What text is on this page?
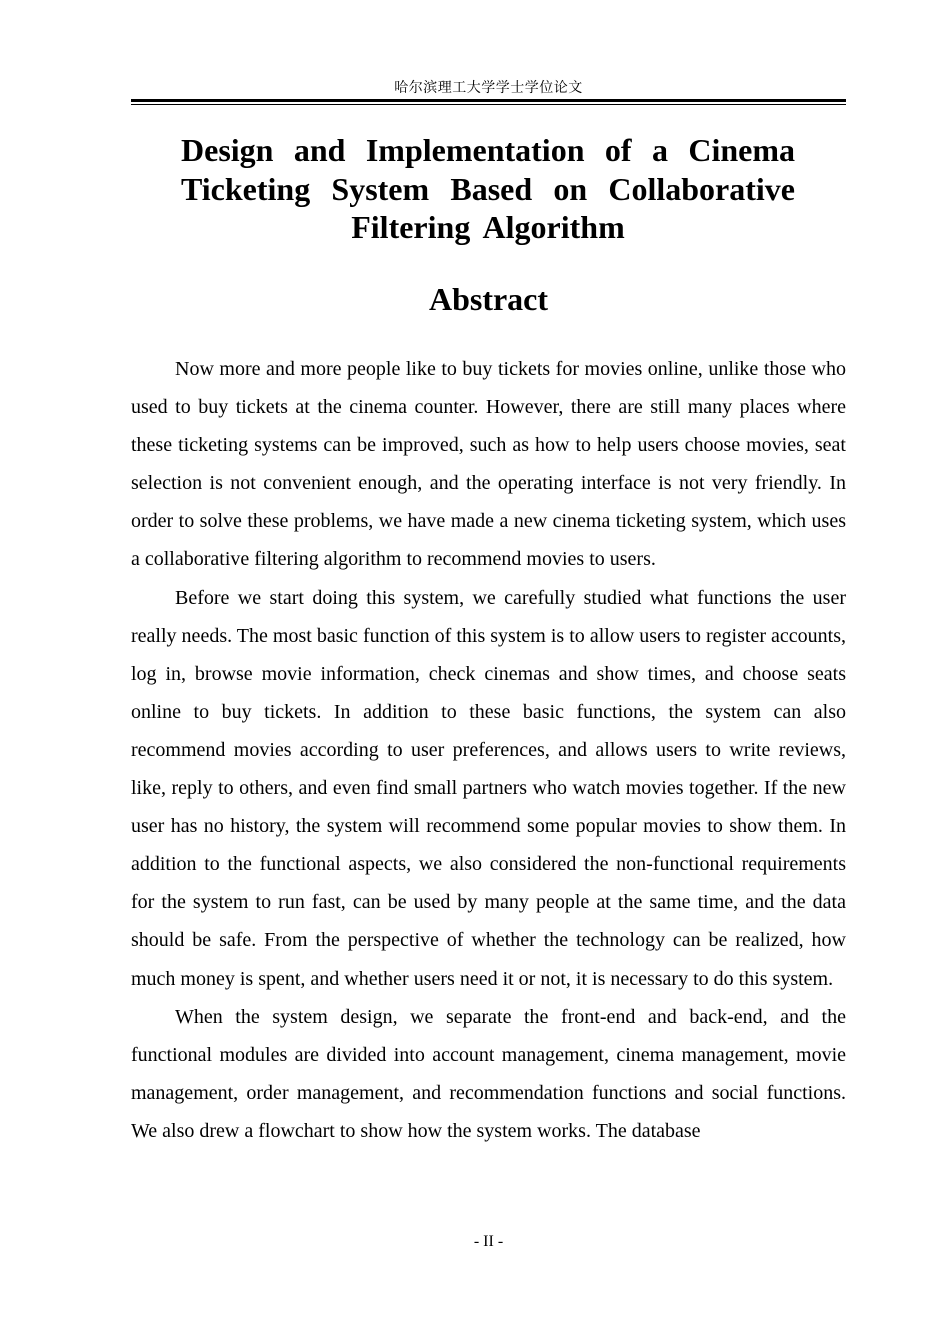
哈尔滨理工大学学士学位论文
Design and Implementation of a Cinema Ticketing System Based on Collaborative Filtering Algorithm
Abstract

Now more and more people like to buy tickets for movies online, unlike those who used to buy tickets at the cinema counter. However, there are still many places where these ticketing systems can be improved, such as how to help users choose movies, seat selection is not convenient enough, and the operating interface is not very friendly. In order to solve these problems, we have made a new cinema ticketing system, which uses a collaborative filtering algorithm to recommend movies to users.

Before we start doing this system, we carefully studied what functions the user really needs. The most basic function of this system is to allow users to register accounts, log in, browse movie information, check cinemas and show times, and choose seats online to buy tickets. In addition to these basic functions, the system can also recommend movies according to user preferences, and allows users to write reviews, like, reply to others, and even find small partners who watch movies together. If the new user has no history, the system will recommend some popular movies to show them. In addition to the functional aspects, we also considered the non-functional requirements for the system to run fast, can be used by many people at the same time, and the data should be safe. From the perspective of whether the technology can be realized, how much money is spent, and whether users need it or not, it is necessary to do this system.

When the system design, we separate the front-end and back-end, and the functional modules are divided into account management, cinema management, movie management, order management, and recommendation functions and social functions. We also drew a flowchart to show how the system works. The database

- II -
